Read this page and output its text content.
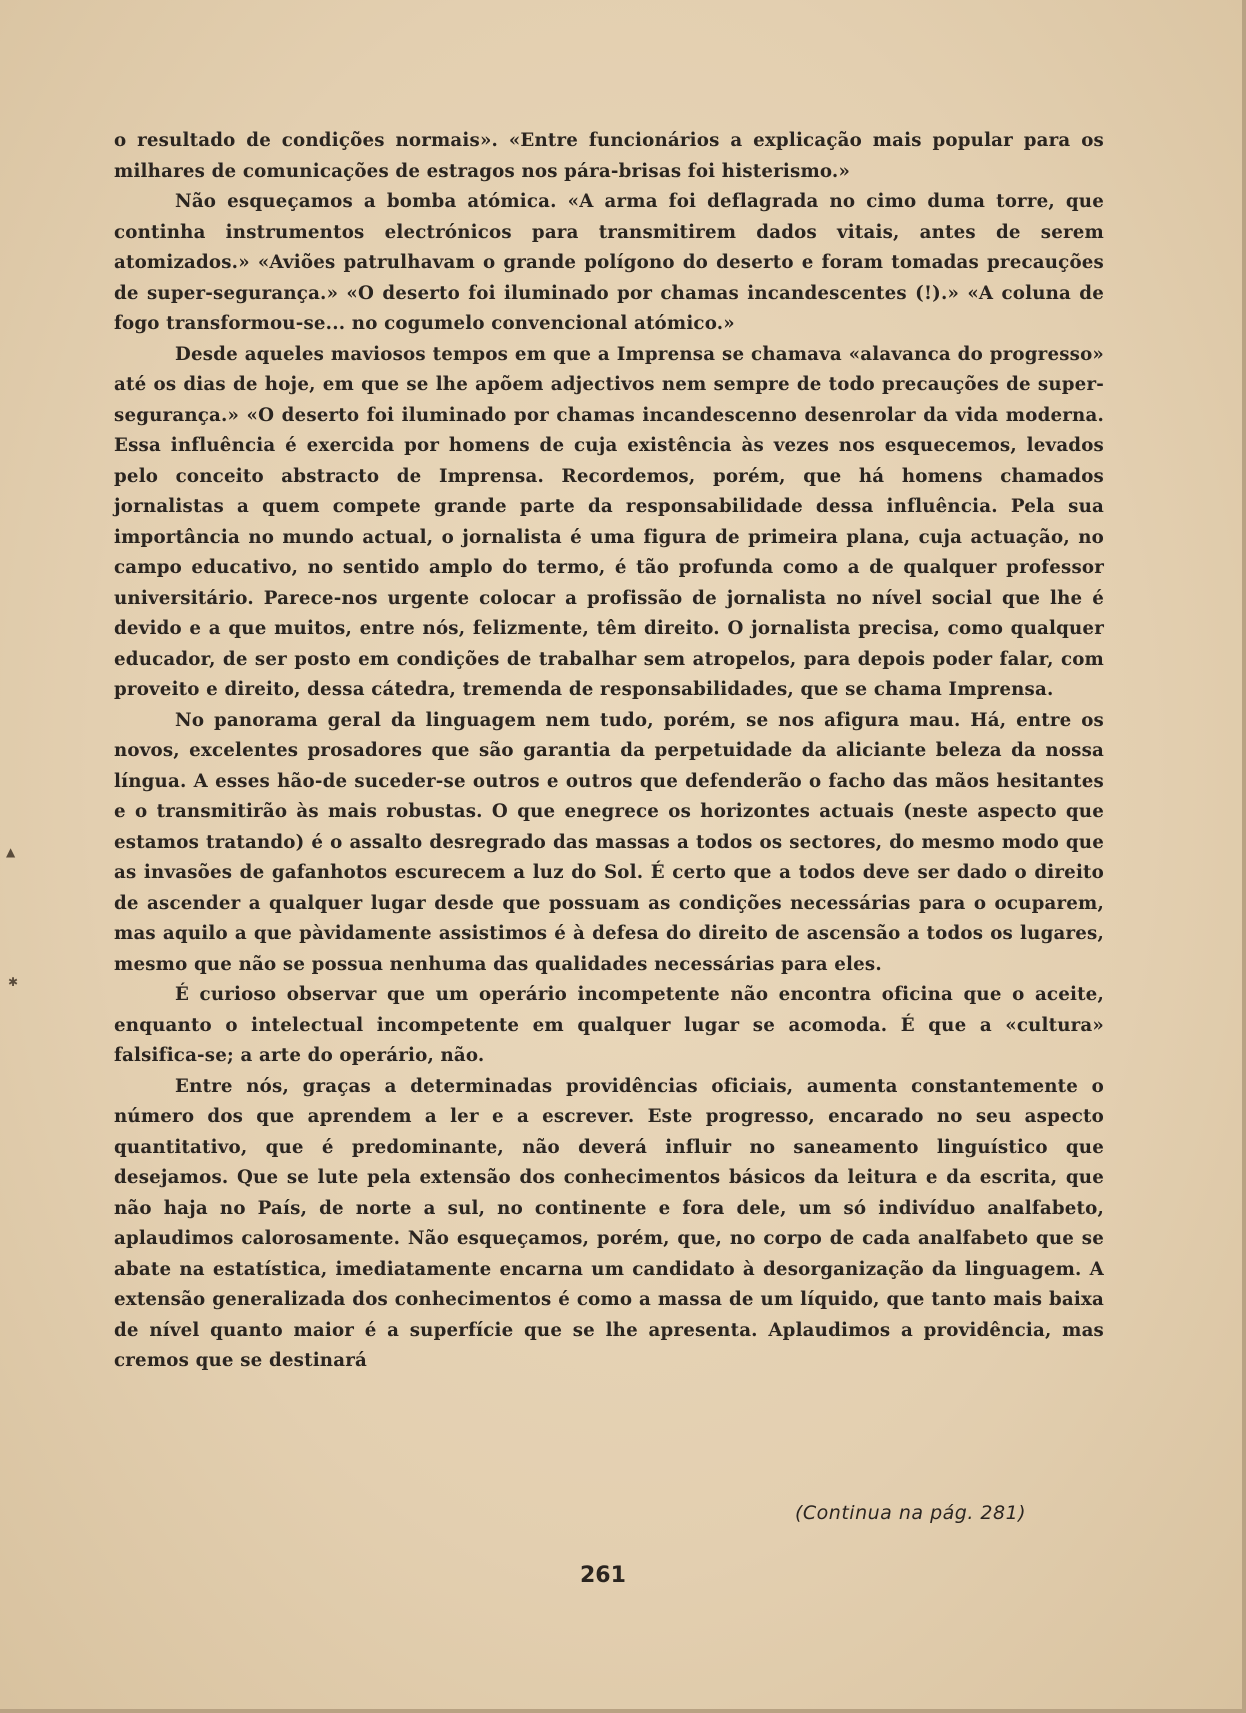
o resultado de condições normais». «Entre funcionários a explicação mais popular para os milhares de comunicações de estragos nos pára-brisas foi histerismo.»

Não esqueçamos a bomba atómica. «A arma foi deflagrada no cimo duma torre, que continha instrumentos electrónicos para transmitirem dados vitais, antes de serem atomizados.» «Aviões patrulhavam o grande polígono do deserto e foram tomadas precauções de super-segurança.» «O deserto foi iluminado por chamas incandescentes (!).» «A coluna de fogo transformou-se... no cogumelo convencional atómico.»

Desde aqueles maviosos tempos em que a Imprensa se chamava «alavanca do progresso» até os dias de hoje, em que se lhe apõem adjectivos nem sempre de todo precauções de super-segurança.» «O deserto foi iluminado por chamas incandescenno desenrolar da vida moderna. Essa influência é exercida por homens de cuja existência às vezes nos esquecemos, levados pelo conceito abstracto de Imprensa. Recordemos, porém, que há homens chamados jornalistas a quem compete grande parte da responsabilidade dessa influência. Pela sua importância no mundo actual, o jornalista é uma figura de primeira plana, cuja actuação, no campo educativo, no sentido amplo do termo, é tão profunda como a de qualquer professor universitário. Parece-nos urgente colocar a profissão de jornalista no nível social que lhe é devido e a que muitos, entre nós, felizmente, têm direito. O jornalista precisa, como qualquer educador, de ser posto em condições de trabalhar sem atropelos, para depois poder falar, com proveito e direito, dessa cátedra, tremenda de responsabilidades, que se chama Imprensa.

No panorama geral da linguagem nem tudo, porém, se nos afigura mau. Há, entre os novos, excelentes prosadores que são garantia da perpetuidade da aliciante beleza da nossa língua. A esses hão-de suceder-se outros e outros que defenderão o facho das mãos hesitantes e o transmitirão às mais robustas. O que enegrece os horizontes actuais (neste aspecto que estamos tratando) é o assalto desregrado das massas a todos os sectores, do mesmo modo que as invasões de gafanhotos escurecem a luz do Sol. É certo que a todos deve ser dado o direito de ascender a qualquer lugar desde que possuam as condições necessárias para o ocuparem, mas aquilo a que pàvidamente assistimos é à defesa do direito de ascensão a todos os lugares, mesmo que não se possua nenhuma das qualidades necessárias para eles.

É curioso observar que um operário incompetente não encontra oficina que o aceite, enquanto o intelectual incompetente em qualquer lugar se acomoda. É que a «cultura» falsifica-se; a arte do operário, não.

Entre nós, graças a determinadas providências oficiais, aumenta constantemente o número dos que aprendem a ler e a escrever. Este progresso, encarado no seu aspecto quantitativo, que é predominante, não deverá influir no saneamento linguístico que desejamos. Que se lute pela extensão dos conhecimentos básicos da leitura e da escrita, que não haja no País, de norte a sul, no continente e fora dele, um só indivíduo analfabeto, aplaudimos calorosamente. Não esqueçamos, porém, que, no corpo de cada analfabeto que se abate na estatística, imediatamente encarna um candidato à desorganização da linguagem. A extensão generalizada dos conhecimentos é como a massa de um líquido, que tanto mais baixa de nível quanto maior é a superfície que se lhe apresenta. Aplaudimos a providência, mas cremos que se destinará

(Continua na pág. 281)
261
▲
✱
